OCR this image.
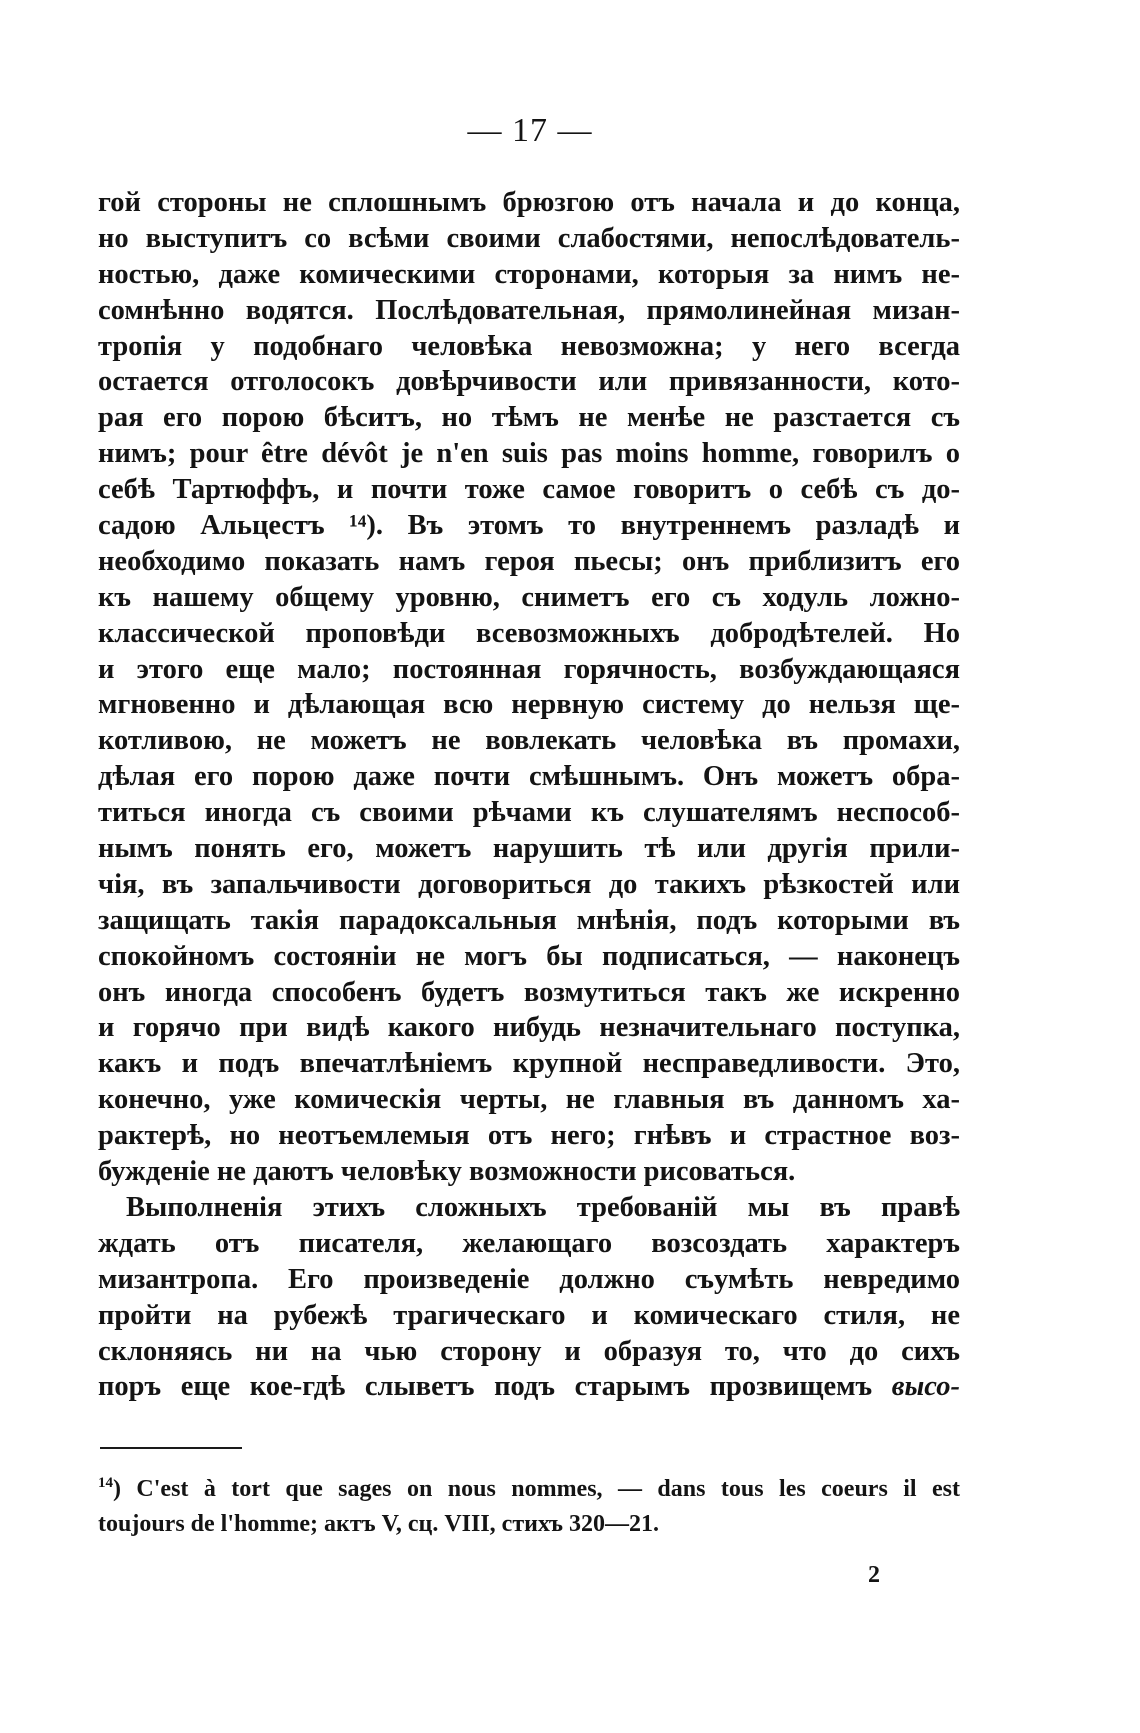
— 17 —
гой стороны не сплошнымъ брюзгою отъ начала и до конца,
но выступитъ со всѣми своими слабостями, непослѣдователь-
ностью, даже комическими сторонами, которыя за нимъ не-
сомнѣнно водятся. Послѣдовательная, прямолинейная мизан-
тропія у подобнаго человѣка невозможна; у него всегда
остается отголосокъ довѣрчивости или привязанности, кото-
рая его порою бѣситъ, но тѣмъ не менѣе не разстается съ
нимъ; pour être dévôt je n'en suis pas moins homme, говорилъ о
себѣ Тартюффъ, и почти тоже самое говоритъ о себѣ съ до-
садою Альцестъ ¹⁴). Въ этомъ то внутреннемъ разладѣ и
необходимо показать намъ героя пьесы; онъ приблизитъ его
къ нашему общему уровню, сниметъ его съ ходуль ложно-
классической проповѣди всевозможныхъ добродѣтелей. Но
и этого еще мало; постоянная горячность, возбуждающаяся
мгновенно и дѣлающая всю нервную систему до нельзя ще-
котливою, не можетъ не вовлекать человѣка въ промахи,
дѣлая его порою даже почти смѣшнымъ. Онъ можетъ обра-
титься иногда съ своими рѣчами къ слушателямъ неспособ-
нымъ понять его, можетъ нарушить тѣ или другія прили-
чія, въ запальчивости договориться до такихъ рѣзкостей или
защищать такія парадоксальныя мнѣнія, подъ которыми въ
спокойномъ состояніи не могъ бы подписаться, — наконецъ
онъ иногда способенъ будетъ возмутиться такъ же искренно
и горячо при видѣ какого нибудь незначительнаго поступка,
какъ и подъ впечатлѣніемъ крупной несправедливости. Это,
конечно, уже комическія черты, не главныя въ данномъ ха-
рактерѣ, но неотъемлемыя отъ него; гнѣвъ и страстное воз-
бужденіе не даютъ человѣку возможности рисоваться.
Выполненія этихъ сложныхъ требованій мы въ правѣ
ждать отъ писателя, желающаго возсоздать характеръ
мизантропа. Его произведеніе должно съумѣть невредимо
пройти на рубежѣ трагическаго и комическаго стиля, не
склоняясь ни на чью сторону и образуя то, что до сихъ
поръ еще кое-гдѣ слыветъ подъ старымъ прозвищемъ высо-
$^{14}$) C'est à tort que sages on nous nommes, — dans tous les coeurs il est
toujours de l'homme; актъ V, сц. VIII, стихъ 320—21.
2
